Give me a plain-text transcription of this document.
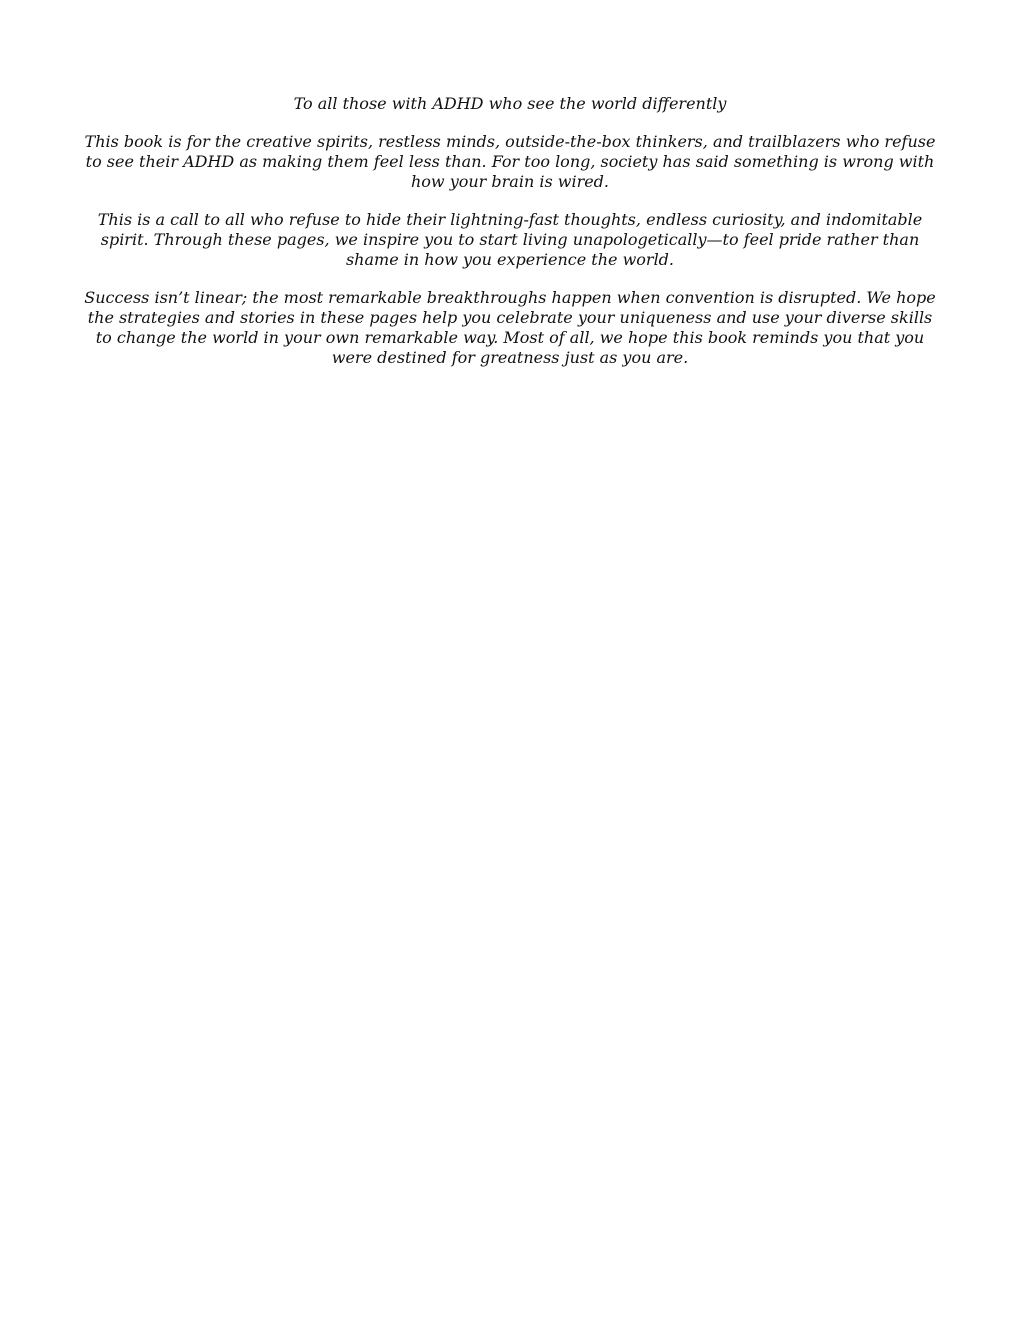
To all those with ADHD who see the world differently

This book is for the creative spirits, restless minds, outside-the-box thinkers, and trailblazers who refuse to see their ADHD as making them feel less than. For too long, society has said something is wrong with how your brain is wired.

This is a call to all who refuse to hide their lightning-fast thoughts, endless curiosity, and indomitable spirit. Through these pages, we inspire you to start living unapologetically—to feel pride rather than shame in how you experience the world.

Success isn’t linear; the most remarkable breakthroughs happen when convention is disrupted. We hope the strategies and stories in these pages help you celebrate your uniqueness and use your diverse skills to change the world in your own remarkable way. Most of all, we hope this book reminds you that you were destined for greatness just as you are.
